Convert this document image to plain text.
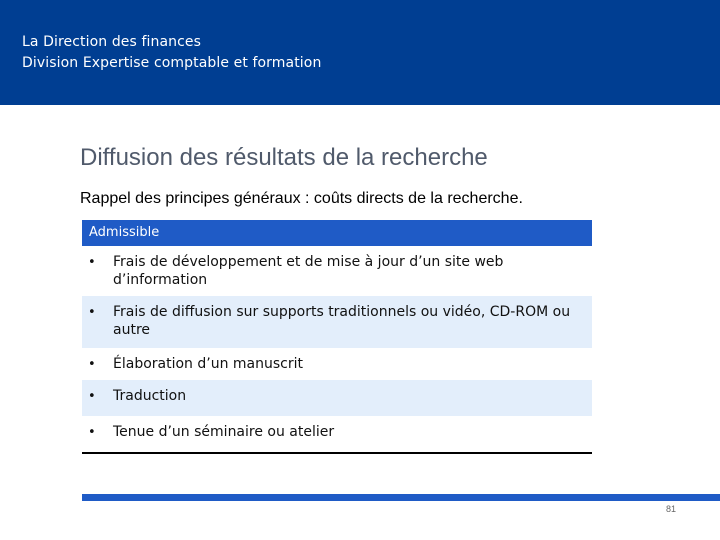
La Direction des finances
Division Expertise comptable et formation
Diffusion des résultats de la recherche
Rappel des principes généraux : coûts directs de la recherche.
Admissible
• Frais de développement et de mise à jour d’un site web d’information
• Frais de diffusion sur supports traditionnels ou vidéo, CD-ROM ou autre
• Élaboration d’un manuscrit
• Traduction
• Tenue d’un séminaire ou atelier
81
